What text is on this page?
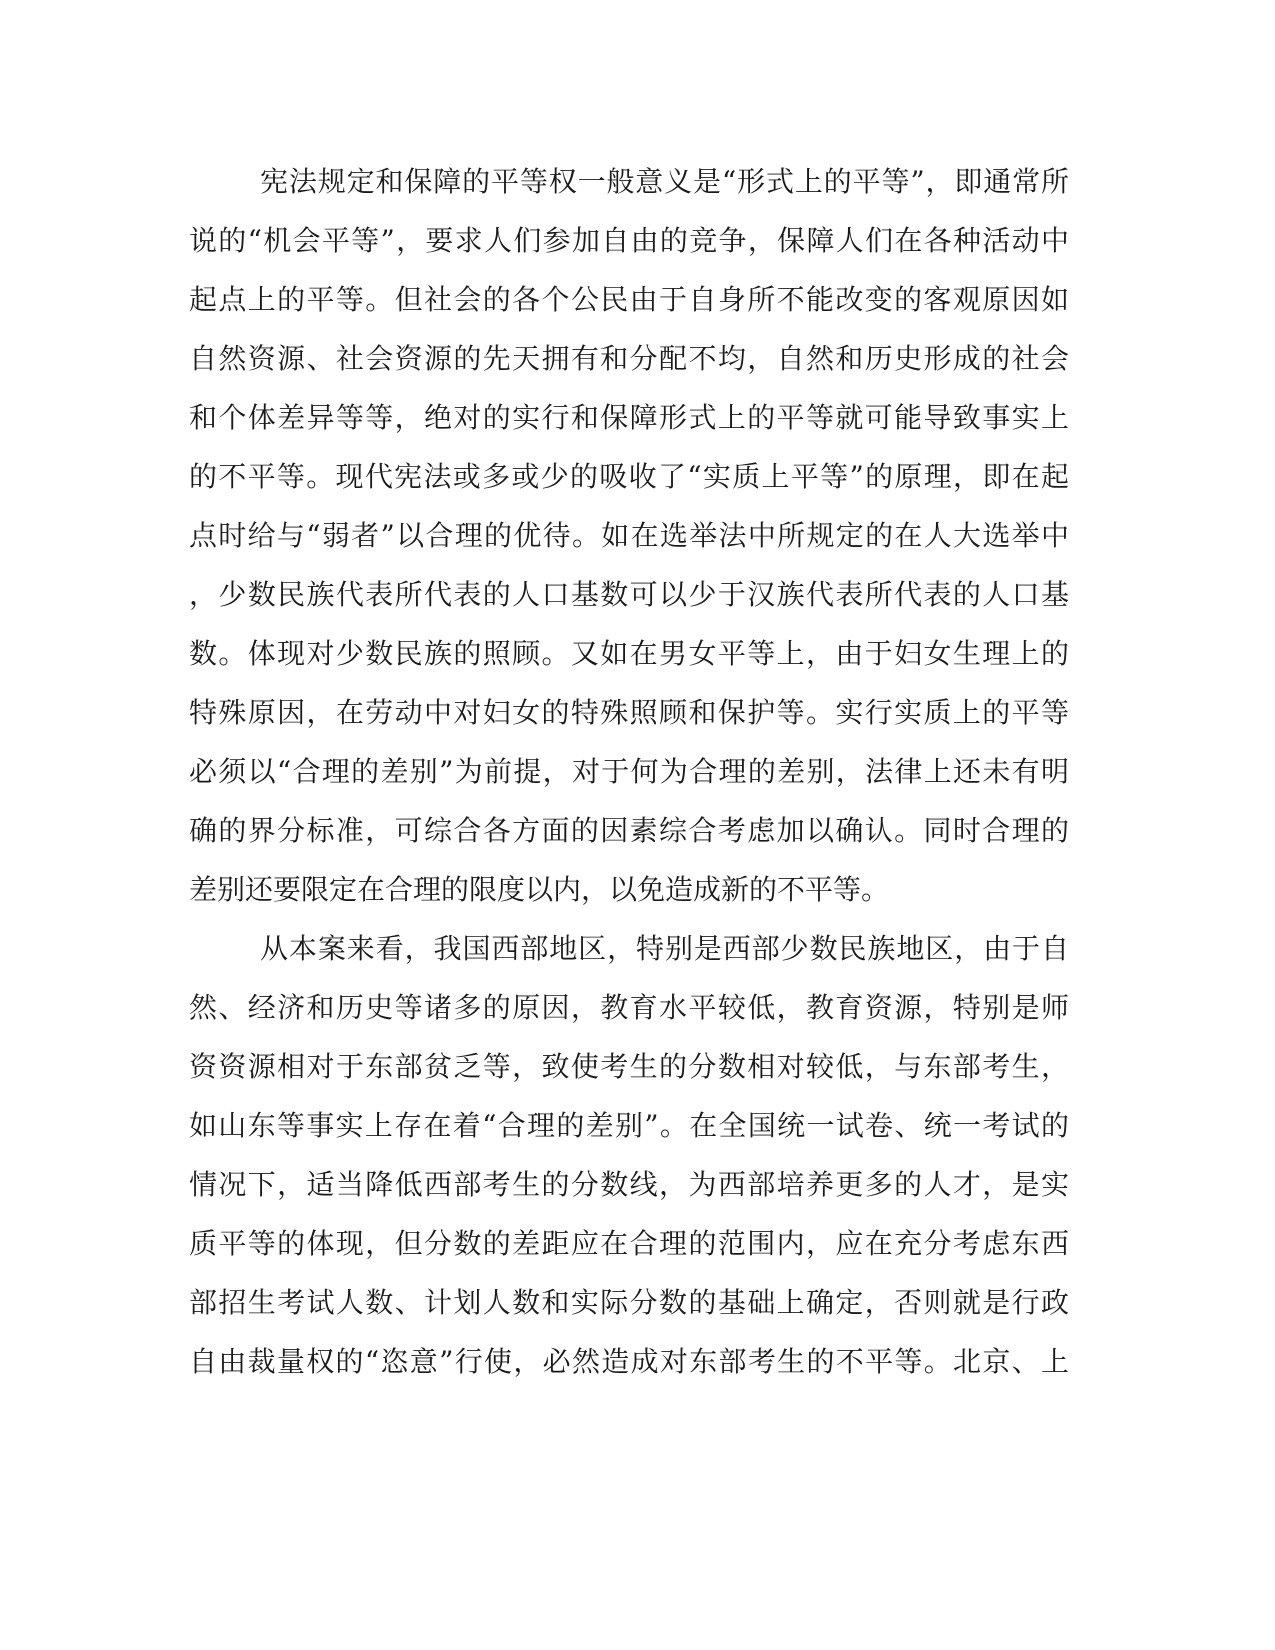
宪法规定和保障的平等权一般意义是“形式上的平等”，即通常所
说的“机会平等”，要求人们参加自由的竞争，保障人们在各种活动中
起点上的平等。但社会的各个公民由于自身所不能改变的客观原因如
自然资源、社会资源的先天拥有和分配不均，自然和历史形成的社会
和个体差异等等，绝对的实行和保障形式上的平等就可能导致事实上
的不平等。现代宪法或多或少的吸收了“实质上平等”的原理，即在起
点时给与“弱者”以合理的优待。如在选举法中所规定的在人大选举中
，少数民族代表所代表的人口基数可以少于汉族代表所代表的人口基
数。体现对少数民族的照顾。又如在男女平等上，由于妇女生理上的
特殊原因，在劳动中对妇女的特殊照顾和保护等。实行实质上的平等
必须以“合理的差别”为前提，对于何为合理的差别，法律上还未有明
确的界分标准，可综合各方面的因素综合考虑加以确认。同时合理的
差别还要限定在合理的限度以内，以免造成新的不平等。
从本案来看，我国西部地区，特别是西部少数民族地区，由于自
然、经济和历史等诸多的原因，教育水平较低，教育资源，特别是师
资资源相对于东部贫乏等，致使考生的分数相对较低，与东部考生，
如山东等事实上存在着“合理的差别”。在全国统一试卷、统一考试的
情况下，适当降低西部考生的分数线，为西部培养更多的人才，是实
质平等的体现，但分数的差距应在合理的范围内，应在充分考虑东西
部招生考试人数、计划人数和实际分数的基础上确定，否则就是行政
自由裁量权的“恣意”行使，必然造成对东部考生的不平等。北京、上
